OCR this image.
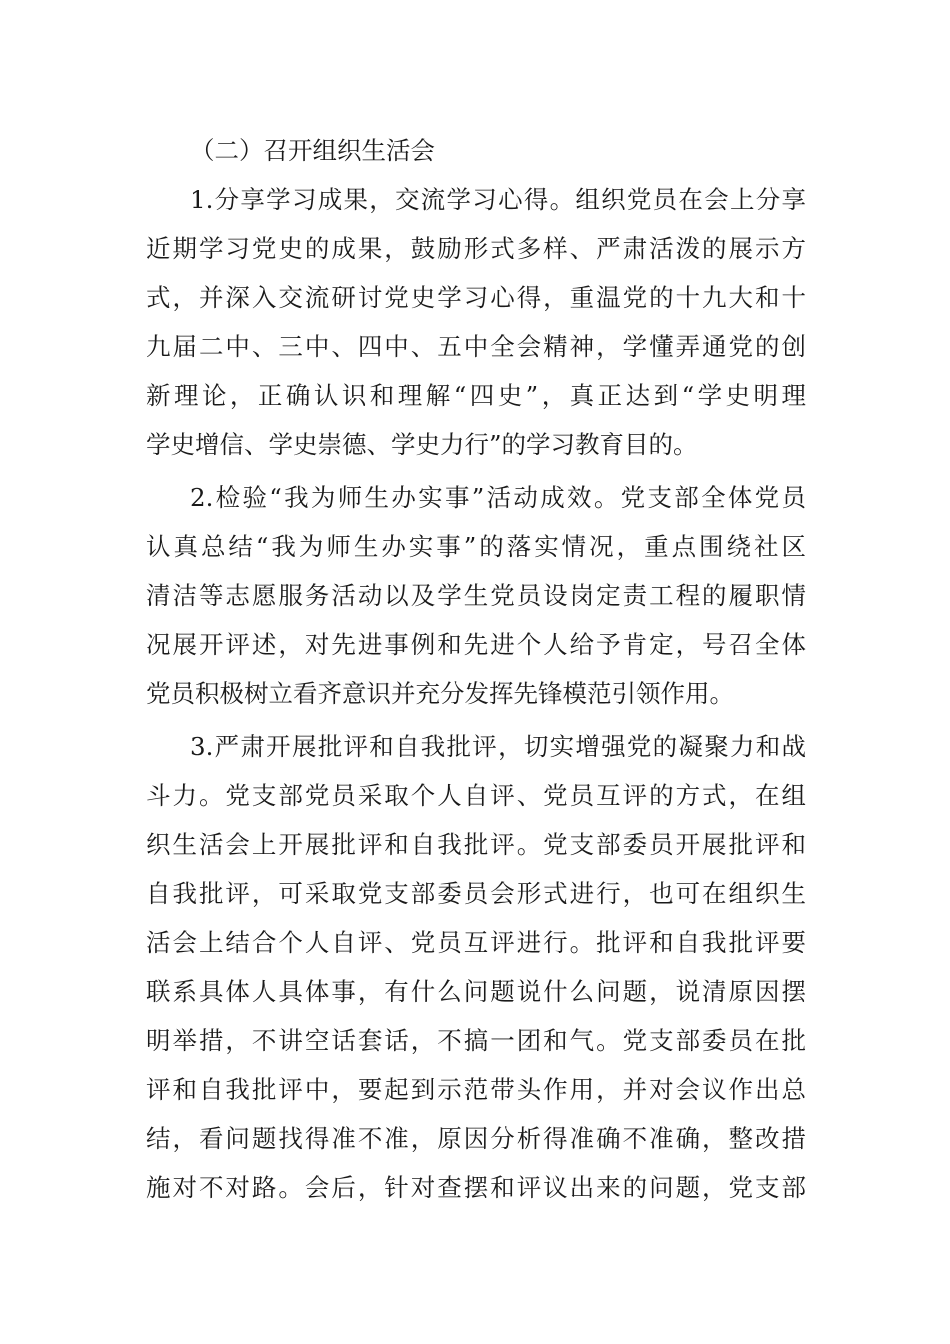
（二）召开组织生活会
1.分享学习成果，交流学习心得。组织党员在会上分享
近期学习党史的成果，鼓励形式多样、严肃活泼的展示方
式，并深入交流研讨党史学习心得，重温党的十九大和十
九届二中、三中、四中、五中全会精神，学懂弄通党的创
新理论，正确认识和理解“四史”，真正达到“学史明理
学史增信、学史崇德、学史力行”的学习教育目的。
2.检验“我为师生办实事”活动成效。党支部全体党员
认真总结“我为师生办实事”的落实情况，重点围绕社区
清洁等志愿服务活动以及学生党员设岗定责工程的履职情
况展开评述，对先进事例和先进个人给予肯定，号召全体
党员积极树立看齐意识并充分发挥先锋模范引领作用。
3.严肃开展批评和自我批评，切实增强党的凝聚力和战
斗力。党支部党员采取个人自评、党员互评的方式，在组
织生活会上开展批评和自我批评。党支部委员开展批评和
自我批评，可采取党支部委员会形式进行，也可在组织生
活会上结合个人自评、党员互评进行。批评和自我批评要
联系具体人具体事，有什么问题说什么问题，说清原因摆
明举措，不讲空话套话，不搞一团和气。党支部委员在批
评和自我批评中，要起到示范带头作用，并对会议作出总
结，看问题找得准不准，原因分析得准确不准确，整改措
施对不对路。会后，针对查摆和评议出来的问题，党支部
